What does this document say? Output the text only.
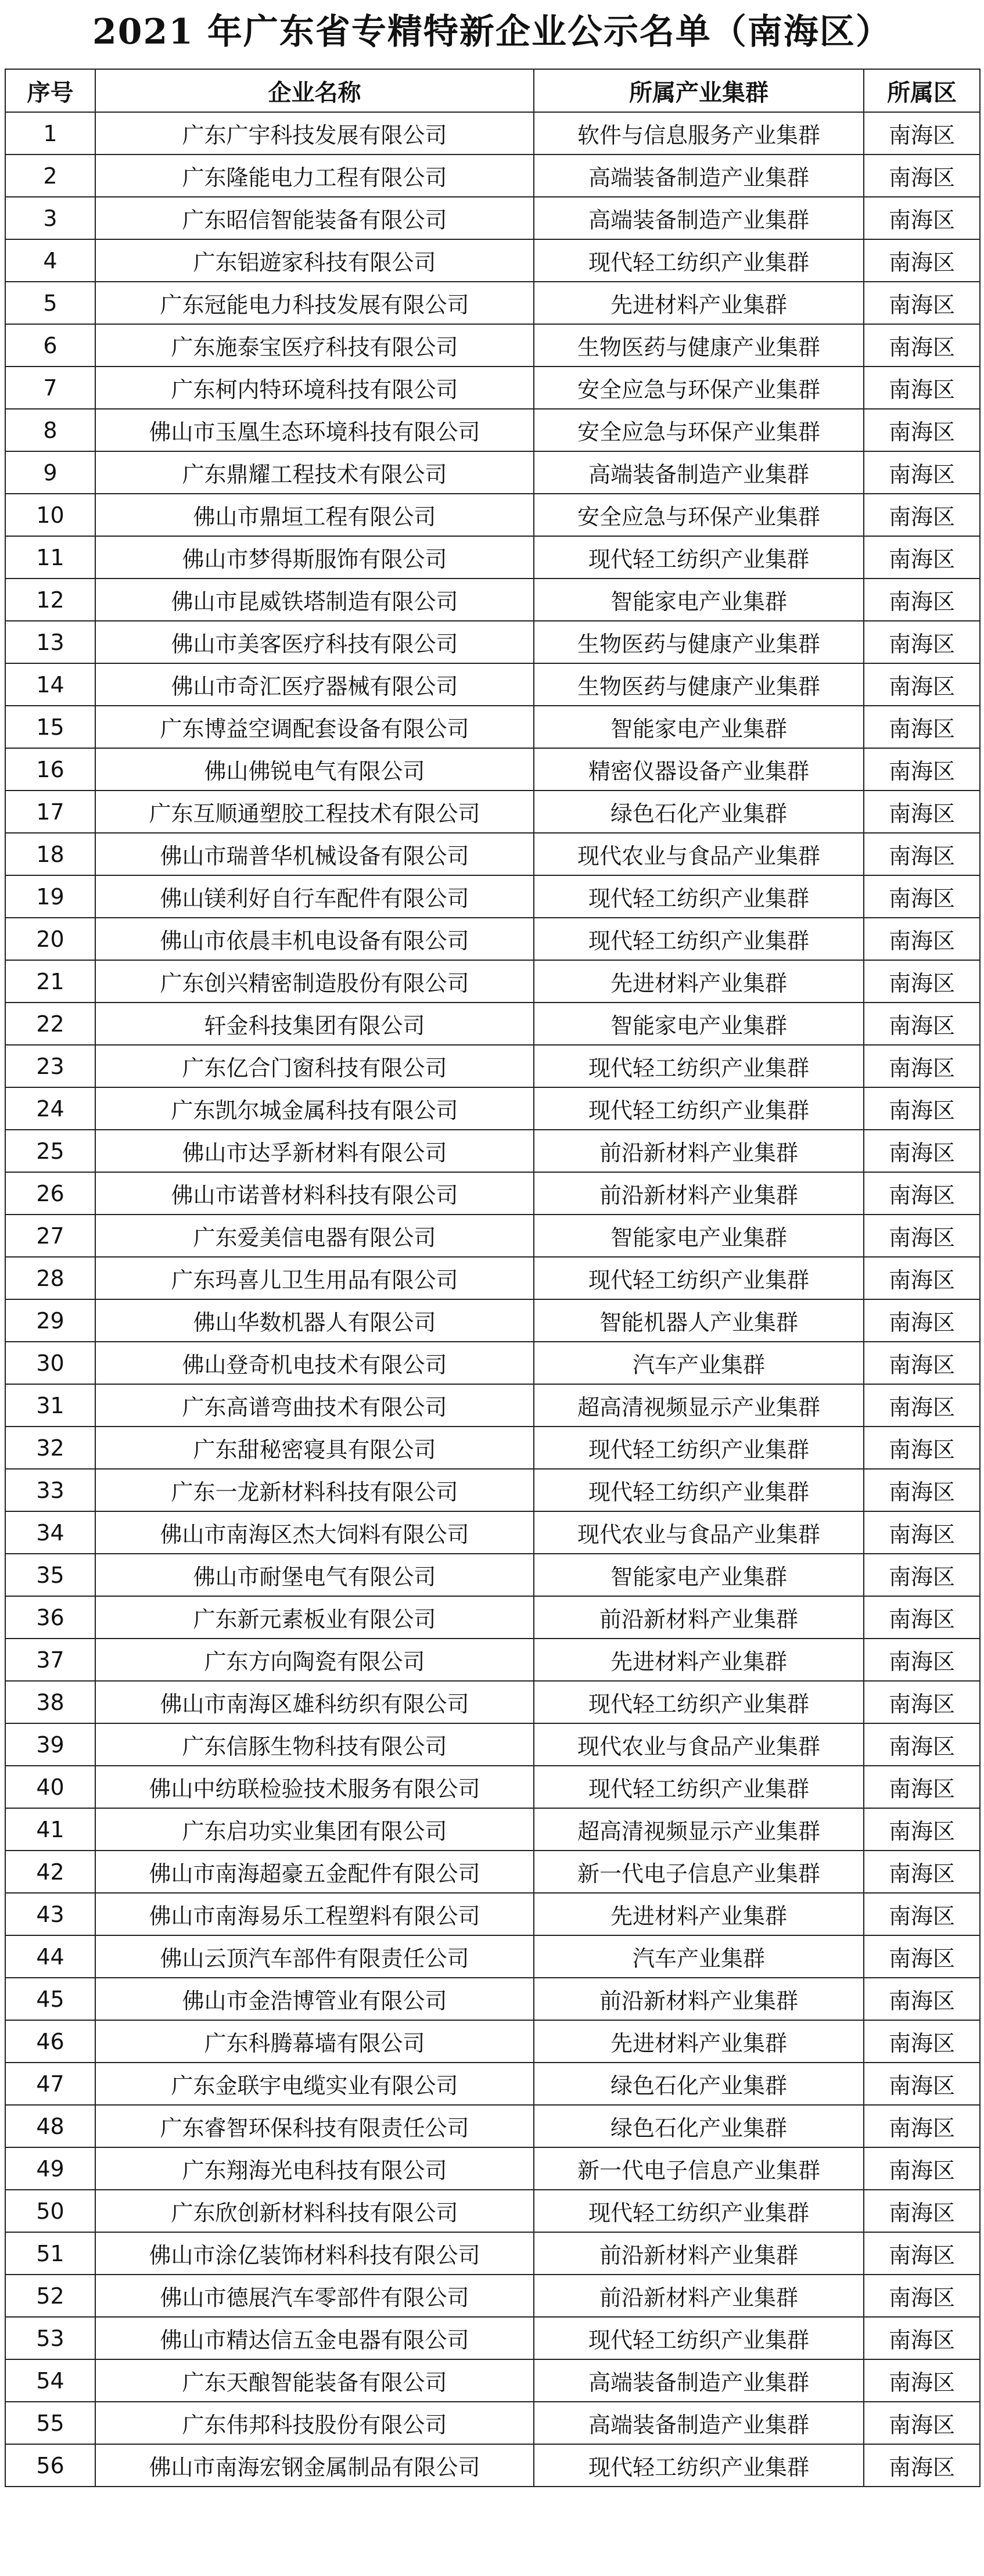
2021 年广东省专精特新企业公示名单（南海区）
序号	企业名称	所属产业集群	所属区
1	广东广宇科技发展有限公司	软件与信息服务产业集群	南海区
2	广东隆能电力工程有限公司	高端装备制造产业集群	南海区
3	广东昭信智能装备有限公司	高端装备制造产业集群	南海区
4	广东铝遊家科技有限公司	现代轻工纺织产业集群	南海区
5	广东冠能电力科技发展有限公司	先进材料产业集群	南海区
6	广东施泰宝医疗科技有限公司	生物医药与健康产业集群	南海区
7	广东柯内特环境科技有限公司	安全应急与环保产业集群	南海区
8	佛山市玉凰生态环境科技有限公司	安全应急与环保产业集群	南海区
9	广东鼎耀工程技术有限公司	高端装备制造产业集群	南海区
10	佛山市鼎垣工程有限公司	安全应急与环保产业集群	南海区
11	佛山市梦得斯服饰有限公司	现代轻工纺织产业集群	南海区
12	佛山市昆威铁塔制造有限公司	智能家电产业集群	南海区
13	佛山市美客医疗科技有限公司	生物医药与健康产业集群	南海区
14	佛山市奇汇医疗器械有限公司	生物医药与健康产业集群	南海区
15	广东博益空调配套设备有限公司	智能家电产业集群	南海区
16	佛山佛锐电气有限公司	精密仪器设备产业集群	南海区
17	广东互顺通塑胶工程技术有限公司	绿色石化产业集群	南海区
18	佛山市瑞普华机械设备有限公司	现代农业与食品产业集群	南海区
19	佛山镁利好自行车配件有限公司	现代轻工纺织产业集群	南海区
20	佛山市依晨丰机电设备有限公司	现代轻工纺织产业集群	南海区
21	广东创兴精密制造股份有限公司	先进材料产业集群	南海区
22	轩金科技集团有限公司	智能家电产业集群	南海区
23	广东亿合门窗科技有限公司	现代轻工纺织产业集群	南海区
24	广东凯尔城金属科技有限公司	现代轻工纺织产业集群	南海区
25	佛山市达孚新材料有限公司	前沿新材料产业集群	南海区
26	佛山市诺普材料科技有限公司	前沿新材料产业集群	南海区
27	广东爱美信电器有限公司	智能家电产业集群	南海区
28	广东玛喜儿卫生用品有限公司	现代轻工纺织产业集群	南海区
29	佛山华数机器人有限公司	智能机器人产业集群	南海区
30	佛山登奇机电技术有限公司	汽车产业集群	南海区
31	广东高谱弯曲技术有限公司	超高清视频显示产业集群	南海区
32	广东甜秘密寝具有限公司	现代轻工纺织产业集群	南海区
33	广东一龙新材料科技有限公司	现代轻工纺织产业集群	南海区
34	佛山市南海区杰大饲料有限公司	现代农业与食品产业集群	南海区
35	佛山市耐堡电气有限公司	智能家电产业集群	南海区
36	广东新元素板业有限公司	前沿新材料产业集群	南海区
37	广东方向陶瓷有限公司	先进材料产业集群	南海区
38	佛山市南海区雄科纺织有限公司	现代轻工纺织产业集群	南海区
39	广东信豚生物科技有限公司	现代农业与食品产业集群	南海区
40	佛山中纺联检验技术服务有限公司	现代轻工纺织产业集群	南海区
41	广东启功实业集团有限公司	超高清视频显示产业集群	南海区
42	佛山市南海超豪五金配件有限公司	新一代电子信息产业集群	南海区
43	佛山市南海易乐工程塑料有限公司	先进材料产业集群	南海区
44	佛山云顶汽车部件有限责任公司	汽车产业集群	南海区
45	佛山市金浩博管业有限公司	前沿新材料产业集群	南海区
46	广东科腾幕墙有限公司	先进材料产业集群	南海区
47	广东金联宇电缆实业有限公司	绿色石化产业集群	南海区
48	广东睿智环保科技有限责任公司	绿色石化产业集群	南海区
49	广东翔海光电科技有限公司	新一代电子信息产业集群	南海区
50	广东欣创新材料科技有限公司	现代轻工纺织产业集群	南海区
51	佛山市涂亿装饰材料科技有限公司	前沿新材料产业集群	南海区
52	佛山市德展汽车零部件有限公司	前沿新材料产业集群	南海区
53	佛山市精达信五金电器有限公司	现代轻工纺织产业集群	南海区
54	广东天酿智能装备有限公司	高端装备制造产业集群	南海区
55	广东伟邦科技股份有限公司	高端装备制造产业集群	南海区
56	佛山市南海宏钢金属制品有限公司	现代轻工纺织产业集群	南海区
